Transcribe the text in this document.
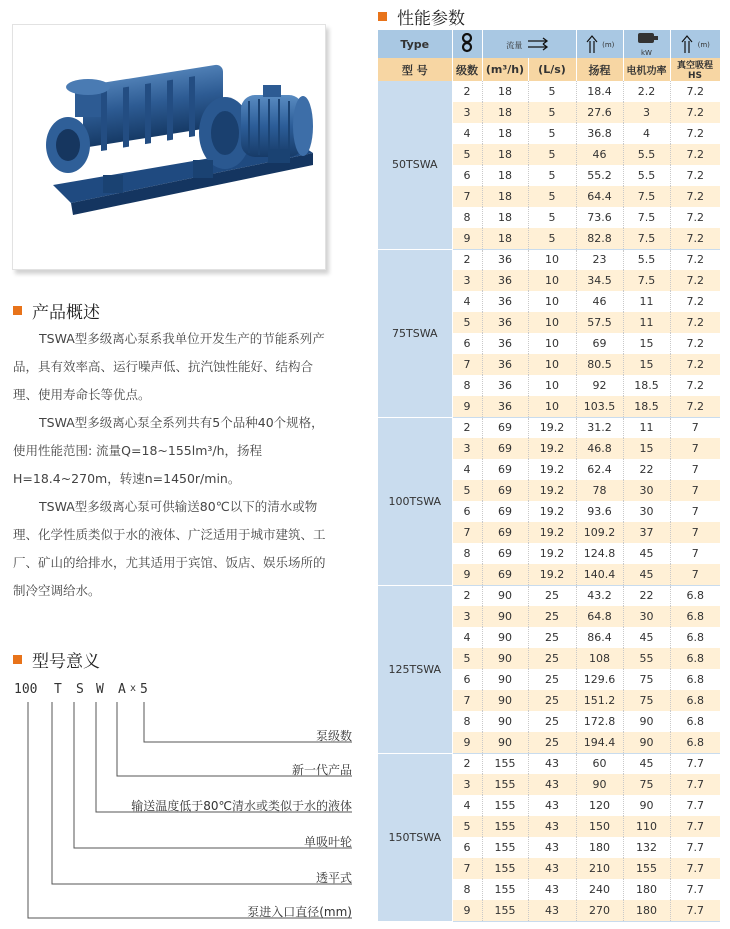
产品概述

TSWA型多级离心泵系我单位开发生产的节能系列产品，具有效率高、运行噪声低、抗汽蚀性能好、结构合理、使用寿命长等优点。

TSWA型多级离心泵全系列共有5个品种40个规格，使用性能范围: 流量Q=18~155lm³/h，扬程H=18.4~270m，转速n=1450r/min。

TSWA型多级离心泵可供输送80℃以下的清水或物理、化学性质类似于水的液体、广泛适用于城市建筑、工厂、矿山的给排水，尤其适用于宾馆、饭店、娱乐场所的制冷空调给水。

型号意义
100 T S W A x 5
泵级数
新一代产品
输送温度低于80℃清水或类似于水的液体
单吸叶轮
透平式
泵进入口直径(mm)
性能参数
Type		流量		(m)	kW	(m)
型 号	级数	(m³/h)	(L/s)	扬程	电机功率	真空吸程HS
50TSWA	2	18	5	18.4	2.2	7.2
	3	18	5	27.6	3	7.2
	4	18	5	36.8	4	7.2
	5	18	5	46	5.5	7.2
	6	18	5	55.2	5.5	7.2
	7	18	5	64.4	7.5	7.2
	8	18	5	73.6	7.5	7.2
	9	18	5	82.8	7.5	7.2
75TSWA	2	36	10	23	5.5	7.2
	3	36	10	34.5	7.5	7.2
	4	36	10	46	11	7.2
	5	36	10	57.5	11	7.2
	6	36	10	69	15	7.2
	7	36	10	80.5	15	7.2
	8	36	10	92	18.5	7.2
	9	36	10	103.5	18.5	7.2
100TSWA	2	69	19.2	31.2	11	7
	3	69	19.2	46.8	15	7
	4	69	19.2	62.4	22	7
	5	69	19.2	78	30	7
	6	69	19.2	93.6	30	7
	7	69	19.2	109.2	37	7
	8	69	19.2	124.8	45	7
	9	69	19.2	140.4	45	7
125TSWA	2	90	25	43.2	22	6.8
	3	90	25	64.8	30	6.8
	4	90	25	86.4	45	6.8
	5	90	25	108	55	6.8
	6	90	25	129.6	75	6.8
	7	90	25	151.2	75	6.8
	8	90	25	172.8	90	6.8
	9	90	25	194.4	90	6.8
150TSWA	2	155	43	60	45	7.7
	3	155	43	90	75	7.7
	4	155	43	120	90	7.7
	5	155	43	150	110	7.7
	6	155	43	180	132	7.7
	7	155	43	210	155	7.7
	8	155	43	240	180	7.7
	9	155	43	270	180	7.7
